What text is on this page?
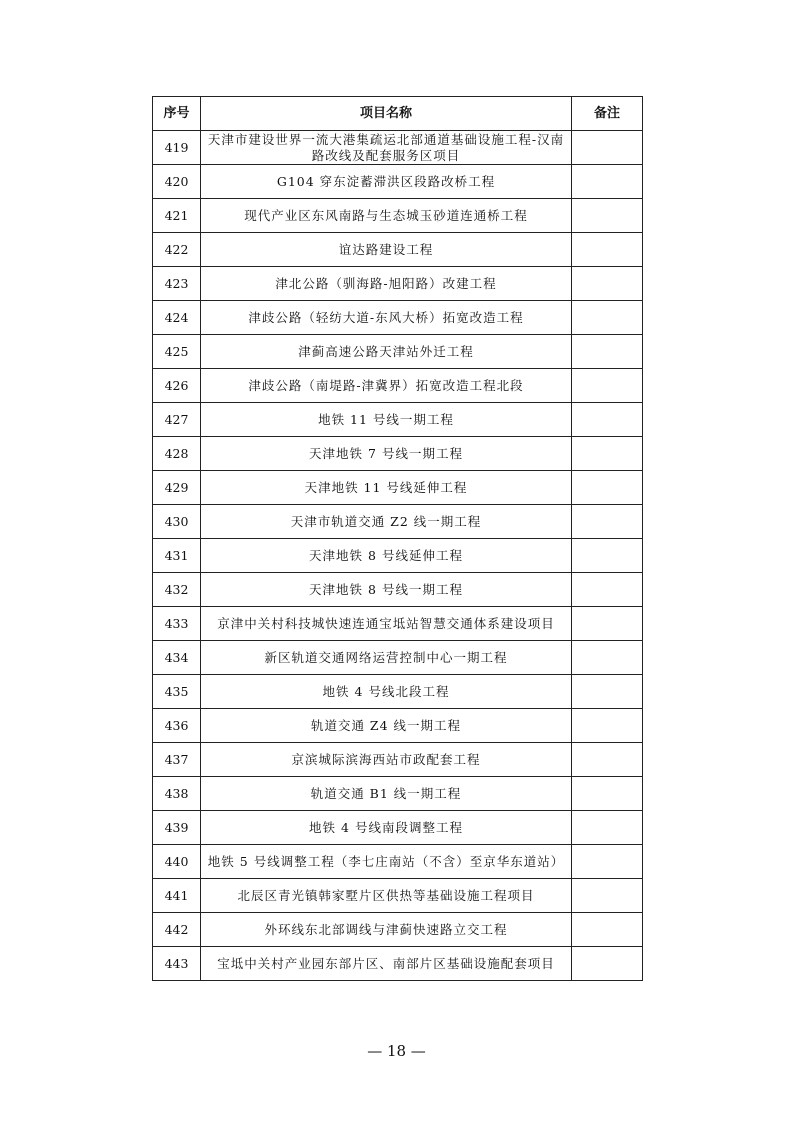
序号	项目名称	备注
419	天津市建设世界一流大港集疏运北部通道基础设施工程-汉南路改线及配套服务区项目	
420	G104 穿东淀蓄滞洪区段路改桥工程	
421	现代产业区东风南路与生态城玉砂道连通桥工程	
422	谊达路建设工程	
423	津北公路（驯海路-旭阳路）改建工程	
424	津歧公路（轻纺大道-东风大桥）拓宽改造工程	
425	津蓟高速公路天津站外迁工程	
426	津歧公路（南堤路-津冀界）拓宽改造工程北段	
427	地铁 11 号线一期工程	
428	天津地铁 7 号线一期工程	
429	天津地铁 11 号线延伸工程	
430	天津市轨道交通 Z2 线一期工程	
431	天津地铁 8 号线延伸工程	
432	天津地铁 8 号线一期工程	
433	京津中关村科技城快速连通宝坻站智慧交通体系建设项目	
434	新区轨道交通网络运营控制中心一期工程	
435	地铁 4 号线北段工程	
436	轨道交通 Z4 线一期工程	
437	京滨城际滨海西站市政配套工程	
438	轨道交通 B1 线一期工程	
439	地铁 4 号线南段调整工程	
440	地铁 5 号线调整工程（李七庄南站（不含）至京华东道站）	
441	北辰区青光镇韩家墅片区供热等基础设施工程项目	
442	外环线东北部调线与津蓟快速路立交工程	
443	宝坻中关村产业园东部片区、南部片区基础设施配套项目	
— 18 —
